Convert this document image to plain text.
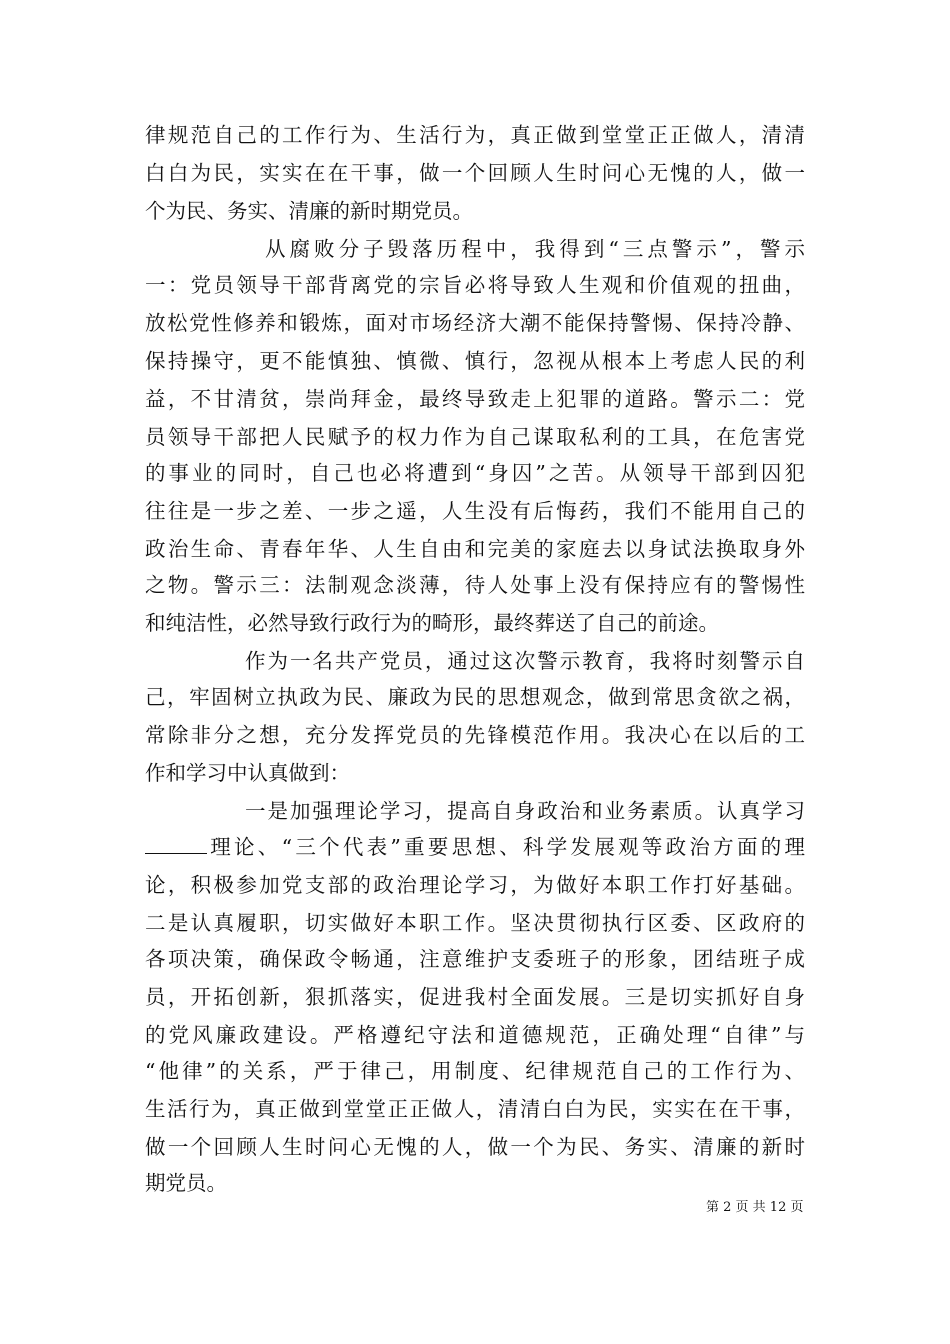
律规范自己的工作行为、生活行为，真正做到堂堂正正做人，清清
白白为民，实实在在干事，做一个回顾人生时问心无愧的人，做一
个为民、务实、清廉的新时期党员。
从腐败分子毁落历程中，我得到“三点警示”，警示
一：党员领导干部背离党的宗旨必将导致人生观和价值观的扭曲，
放松党性修养和锻炼，面对市场经济大潮不能保持警惕、保持冷静、
保持操守，更不能慎独、慎微、慎行，忽视从根本上考虑人民的利
益，不甘清贫，崇尚拜金，最终导致走上犯罪的道路。警示二：党
员领导干部把人民赋予的权力作为自己谋取私利的工具，在危害党
的事业的同时，自己也必将遭到“身囚”之苦。从领导干部到囚犯
往往是一步之差、一步之遥，人生没有后悔药，我们不能用自己的
政治生命、青春年华、人生自由和完美的家庭去以身试法换取身外
之物。警示三：法制观念淡薄，待人处事上没有保持应有的警惕性
和纯洁性，必然导致行政行为的畸形，最终葬送了自己的前途。
作为一名共产党员，通过这次警示教育，我将时刻警示自
己，牢固树立执政为民、廉政为民的思想观念，做到常思贪欲之祸，
常除非分之想，充分发挥党员的先锋模范作用。我决心在以后的工
作和学习中认真做到：
一是加强理论学习，提高自身政治和业务素质。认真学习
理论、“三个代表”重要思想、科学发展观等政治方面的理
论，积极参加党支部的政治理论学习，为做好本职工作打好基础。
二是认真履职，切实做好本职工作。坚决贯彻执行区委、区政府的
各项决策，确保政令畅通，注意维护支委班子的形象，团结班子成
员，开拓创新，狠抓落实，促进我村全面发展。三是切实抓好自身
的党风廉政建设。严格遵纪守法和道德规范，正确处理“自律”与
“他律”的关系，严于律己，用制度、纪律规范自己的工作行为、
生活行为，真正做到堂堂正正做人，清清白白为民，实实在在干事，
做一个回顾人生时问心无愧的人，做一个为民、务实、清廉的新时
期党员。
第 2 页 共 12 页
